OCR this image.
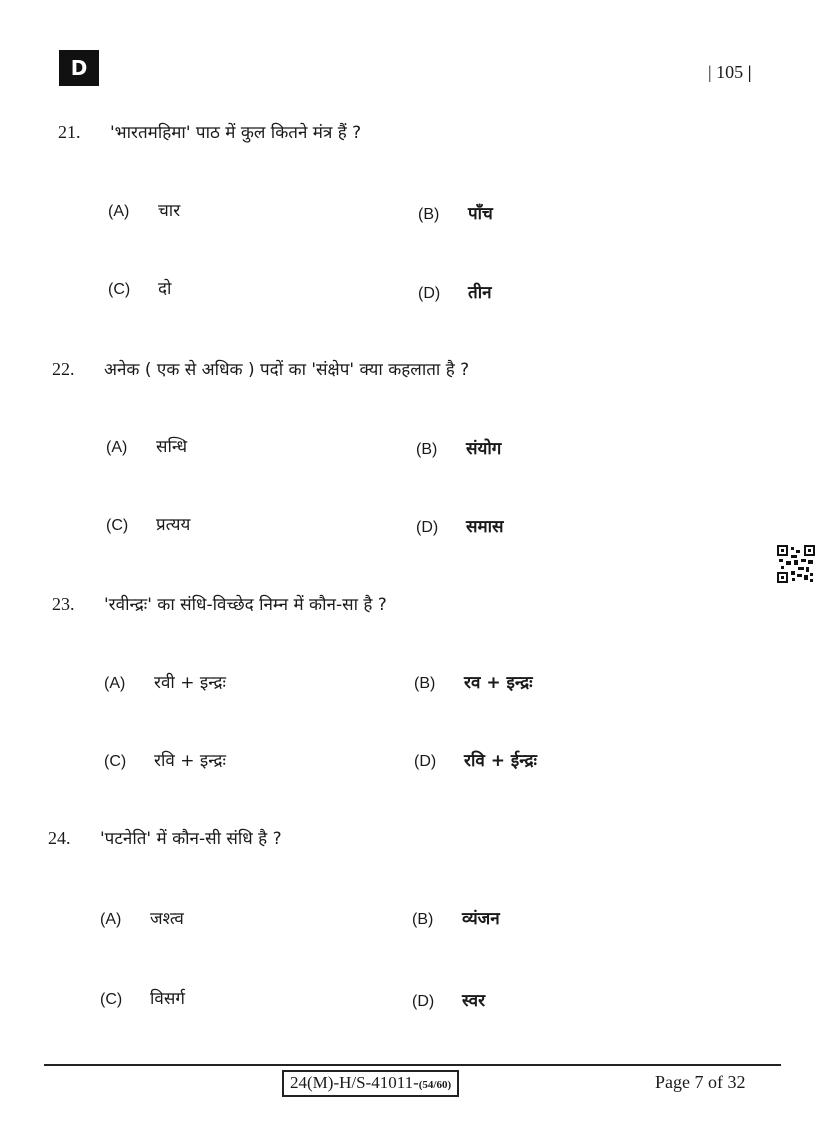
D	| 105 |
21. 'भारतमहिमा' पाठ में कुल कितने मंत्र हैं ?
(A) चार	(B) पाँच
(C) दो	(D) तीन
22. अनेक ( एक से अधिक ) पदों का 'संक्षेप' क्या कहलाता है ?
(A) सन्धि	(B) संयोग
(C) प्रत्यय	(D) समास
23. 'रवीन्द्रः' का संधि-विच्छेद निम्न में कौन-सा है ?
(A) रवी + इन्द्रः	(B) रव + इन्द्रः
(C) रवि + इन्द्रः	(D) रवि + ईन्द्रः
24. 'पटनेति' में कौन-सी संधि है ?
(A) जश्त्व	(B) व्यंजन
(C) विसर्ग	(D) स्वर
24(M)-H/S-41011-(54/60)	Page 7 of 32
